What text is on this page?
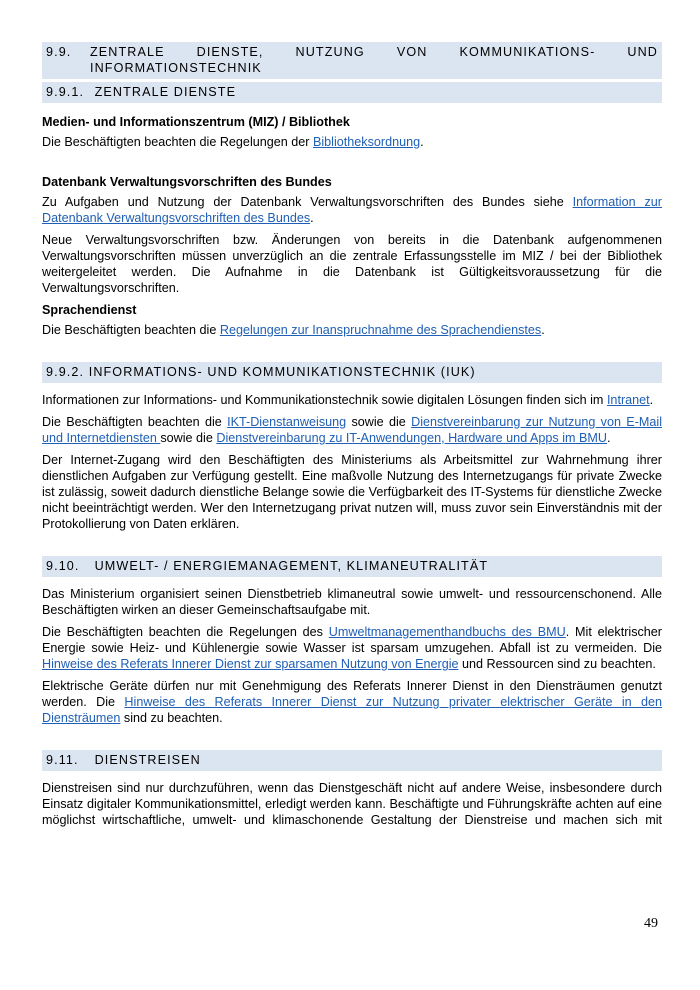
9.9.	ZENTRALE DIENSTE, NUTZUNG VON KOMMUNIKATIONS- UND INFORMATIONSTECHNIK
9.9.1. ZENTRALE DIENSTE
Medien- und Informationszentrum (MIZ) / Bibliothek

Die Beschäftigten beachten die Regelungen der Bibliotheksordnung.

Datenbank Verwaltungsvorschriften des Bundes

Zu Aufgaben und Nutzung der Datenbank Verwaltungsvorschriften des Bundes siehe Information zur Datenbank Verwaltungsvorschriften des Bundes.

Neue Verwaltungsvorschriften bzw. Änderungen von bereits in die Datenbank aufgenommenen Verwaltungsvorschriften müssen unverzüglich an die zentrale Erfassungsstelle im MIZ / bei der Bibliothek weitergeleitet werden. Die Aufnahme in die Datenbank ist Gültigkeitsvoraussetzung für die Verwaltungsvorschriften.

Sprachendienst

Die Beschäftigten beachten die Regelungen zur Inanspruchnahme des Sprachendienstes.

9.9.2. INFORMATIONS- UND KOMMUNIKATIONSTECHNIK (IUK)

Informationen zur Informations- und Kommunikationstechnik sowie digitalen Lösungen finden sich im Intranet.

Die Beschäftigten beachten die IKT-Dienstanweisung sowie die Dienstvereinbarung zur Nutzung von E-Mail und Internetdiensten sowie die Dienstvereinbarung zu IT-Anwendungen, Hardware und Apps im BMU.

Der Internet-Zugang wird den Beschäftigten des Ministeriums als Arbeitsmittel zur Wahrnehmung ihrer dienstlichen Aufgaben zur Verfügung gestellt. Eine maßvolle Nutzung des Internetzugangs für private Zwecke ist zulässig, soweit dadurch dienstliche Belange sowie die Verfügbarkeit des IT-Systems für dienstliche Zwecke nicht beeinträchtigt werden. Wer den Internetzugang privat nutzen will, muss zuvor sein Einverständnis mit der Protokollierung von Daten erklären.

9.10. UMWELT- / ENERGIEMANAGEMENT, KLIMANEUTRALITÄT

Das Ministerium organisiert seinen Dienstbetrieb klimaneutral sowie umwelt- und ressourcenschonend. Alle Beschäftigten wirken an dieser Gemeinschaftsaufgabe mit.

Die Beschäftigten beachten die Regelungen des Umweltmanagementhandbuchs des BMU. Mit elektrischer Energie sowie Heiz- und Kühlenergie sowie Wasser ist sparsam umzugehen. Abfall ist zu vermeiden. Die Hinweise des Referats Innerer Dienst zur sparsamen Nutzung von Energie und Ressourcen sind zu beachten.

Elektrische Geräte dürfen nur mit Genehmigung des Referats Innerer Dienst in den Diensträumen genutzt werden. Die Hinweise des Referats Innerer Dienst zur Nutzung privater elektrischer Geräte in den Diensträumen sind zu beachten.

9.11. DIENSTREISEN

Dienstreisen sind nur durchzuführen, wenn das Dienstgeschäft nicht auf andere Weise, insbesondere durch Einsatz digitaler Kommunikationsmittel, erledigt werden kann. Beschäftigte und Führungskräfte achten auf eine möglichst wirtschaftliche, umwelt- und klimaschonende Gestaltung der Dienstreise und machen sich mit

49
